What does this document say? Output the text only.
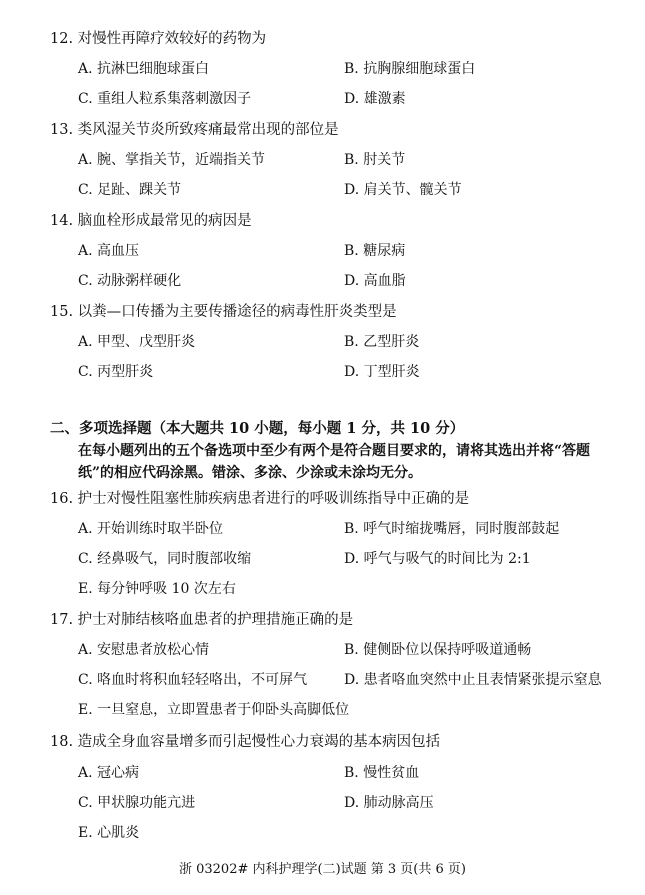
12. 对慢性再障疗效较好的药物为
A. 抗淋巴细胞球蛋白	B. 抗胸腺细胞球蛋白
C. 重组人粒系集落刺激因子	D. 雄激素
13. 类风湿关节炎所致疼痛最常出现的部位是
A. 腕、掌指关节，近端指关节	B. 肘关节
C. 足趾、踝关节	D. 肩关节、髋关节
14. 脑血栓形成最常见的病因是
A. 高血压	B. 糖尿病
C. 动脉粥样硬化	D. 高血脂
15. 以粪—口传播为主要传播途径的病毒性肝炎类型是
A. 甲型、戊型肝炎	B. 乙型肝炎
C. 丙型肝炎	D. 丁型肝炎
二、多项选择题（本大题共 10 小题，每小题 1 分，共 10 分）
在每小题列出的五个备选项中至少有两个是符合题目要求的，请将其选出并将“答题
纸”的相应代码涂黑。错涂、多涂、少涂或未涂均无分。
16. 护士对慢性阻塞性肺疾病患者进行的呼吸训练指导中正确的是
A. 开始训练时取半卧位	B. 呼气时缩拢嘴唇，同时腹部鼓起
C. 经鼻吸气，同时腹部收缩	D. 呼气与吸气的时间比为 2:1
E. 每分钟呼吸 10 次左右
17. 护士对肺结核咯血患者的护理措施正确的是
A. 安慰患者放松心情	B. 健侧卧位以保持呼吸道通畅
C. 咯血时将积血轻轻咯出，不可屏气	D. 患者咯血突然中止且表情紧张提示窒息
E. 一旦窒息，立即置患者于仰卧头高脚低位
18. 造成全身血容量增多而引起慢性心力衰竭的基本病因包括
A. 冠心病	B. 慢性贫血
C. 甲状腺功能亢进	D. 肺动脉高压
E. 心肌炎
浙 03202# 内科护理学(二)试题 第 3 页(共 6 页)
